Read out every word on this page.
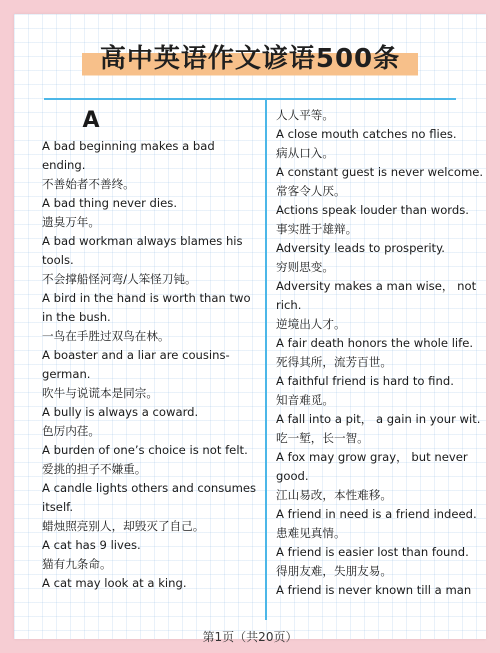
高中英语作文谚语500条
A
A bad beginning makes a bad ending.
不善始者不善终。
A bad thing never dies.
遗臭万年。
A bad workman always blames his tools.
不会撑船怪河弯/人笨怪刀钝。
A bird in the hand is worth than two in the bush.
一鸟在手胜过双鸟在林。
A boaster and a liar are cousins-german.
吹牛与说谎本是同宗。
A bully is always a coward.
色厉内荏。
A burden of one’s choice is not felt.
爱挑的担子不嫌重。
A candle lights others and consumes itself.
蜡烛照亮别人，却毁灭了自己。
A cat has 9 lives.
猫有九条命。
A cat may look at a king.
人人平等。
A close mouth catches no flies.
病从口入。
A constant guest is never welcome.
常客令人厌。
Actions speak louder than words.
事实胜于雄辩。
Adversity leads to prosperity.
穷则思变。
Adversity makes a man wise， not rich.
逆境出人才。
A fair death honors the whole life.
死得其所，流芳百世。
A faithful friend is hard to find.
知音难觅。
A fall into a pit， a gain in your wit.
吃一堑，长一智。
A fox may grow gray， but never good.
江山易改，本性难移。
A friend in need is a friend indeed.
患难见真情。
A friend is easier lost than found.
得朋友难，失朋友易。
A friend is never known till a man
第1页（共20页）
